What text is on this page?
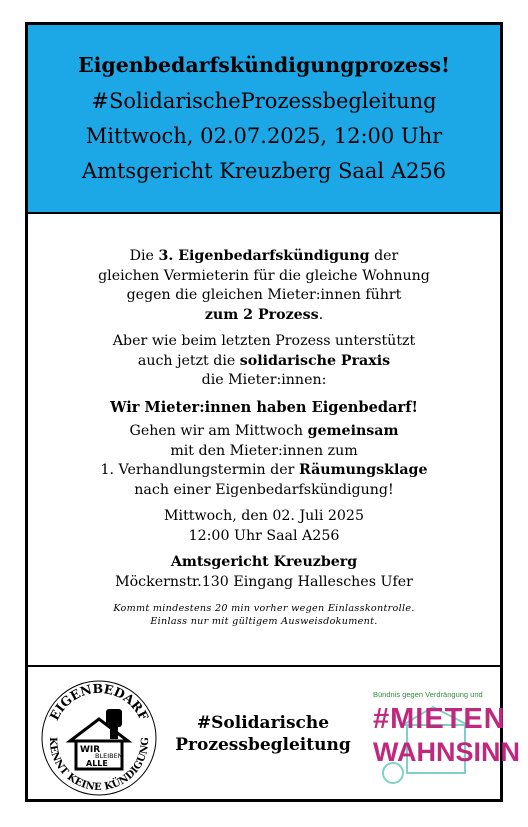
Eigenbedarfskündigungprozess!
#SolidarischeProzessbegleitung
Mittwoch, 02.07.2025, 12:00 Uhr
Amtsgericht Kreuzberg Saal A256

Die 3. Eigenbedarfskündigung der
gleichen Vermieterin für die gleiche Wohnung
gegen die gleichen Mieter:innen führt
zum 2 Prozess.

Aber wie beim letzten Prozess unterstützt
auch jetzt die solidarische Praxis
die Mieter:innen:

Wir Mieter:innen haben Eigenbedarf!

Gehen wir am Mittwoch gemeinsam
mit den Mieter:innen zum
1. Verhandlungstermin der Räumungsklage
nach einer Eigenbedarfskündigung!

Mittwoch, den 02. Juli 2025
12:00 Uhr Saal A256

Amtsgericht Kreuzberg
Möckernstr.130 Eingang Hallesches Ufer

Kommt mindestens 20 min vorher wegen Einlasskontrolle.
Einlass nur mit gültigem Ausweisdokument.
EIGENBEDARF
KENNT KEINE KÜNDIGUNG
WIR
BLEIBEN
ALLE
#Solidarische
Prozessbegleitung
Bündnis gegen Verdrängung und
#MIETEN
WAHNSINN
